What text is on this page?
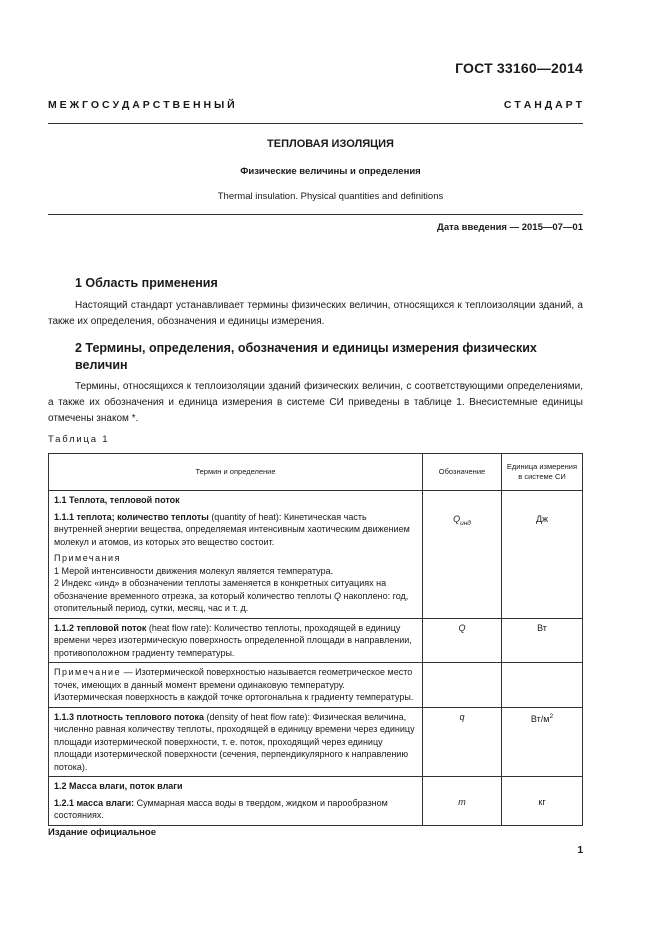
ГОСТ 33160—2014
М Е Ж Г О С У Д А Р С Т В Е Н Н Ы Й	С Т А Н Д А Р Т
ТЕПЛОВАЯ ИЗОЛЯЦИЯ
Физические величины и определения
Thermal insulation. Physical quantities and definitions
Дата введения — 2015—07—01
1 Область применения
Настоящий стандарт устанавливает термины физических величин, относящихся к теплоизоляции зданий, а также их определения, обозначения и единицы измерения.
2 Термины, определения, обозначения и единицы измерения физических величин
Термины, относящихся к теплоизоляции зданий физических величин, с соответствующими определениями, а также их обозначения и единица измерения в системе СИ приведены в таблице 1. Внесистемные единицы отмечены знаком *.
Таблица 1
Термин и определение	Обозначение	Единица измерения в системе СИ

1.1 Теплота, тепловой поток
1.1.1 теплота; количество теплоты (quantity of heat): Кинетическая часть внутренней энергии вещества, определяемая интенсивным хаотическим движением молекул и атомов, из которых это вещество состоит.
Примечания
1 Мерой интенсивности движения молекул является температура.
2 Индекс «инд» в обозначении теплоты заменяется в конкретных ситуациях на обозначение временного отрезка, за который количество теплоты Q накоплено: год, отопительный период, сутки, месяц, час и т. д.	$Q_{инд}$	Дж

1.1.2 тепловой поток (heat flow rate): Количество теплоты, проходящей в единицу времени через изотермическую поверхность определенной площади в направлении, противоположном градиенту температуры.	Q	Вт

Примечание — Изотермической поверхностью называется геометрическое место точек, имеющих в данный момент времени одинаковую температуру. Изотермическая поверхность в каждой точке ортогональна к градиенту температуры.		
1.1.3 плотность теплового потока (density of heat flow rate): Физическая величина, численно равная количеству теплоты, проходящей в единицу времени через единицу площади изотермической поверхности, т. е. поток, проходящий через единицу площади изотермической поверхности (сечения, перпендикулярного к направлению потока).	q	$Вт/м^2$

1.2 Масса влаги, поток влаги
1.2.1 масса влаги: Суммарная масса воды в твердом, жидком и парообразном состояниях.	m	кг
Издание официальное
1
